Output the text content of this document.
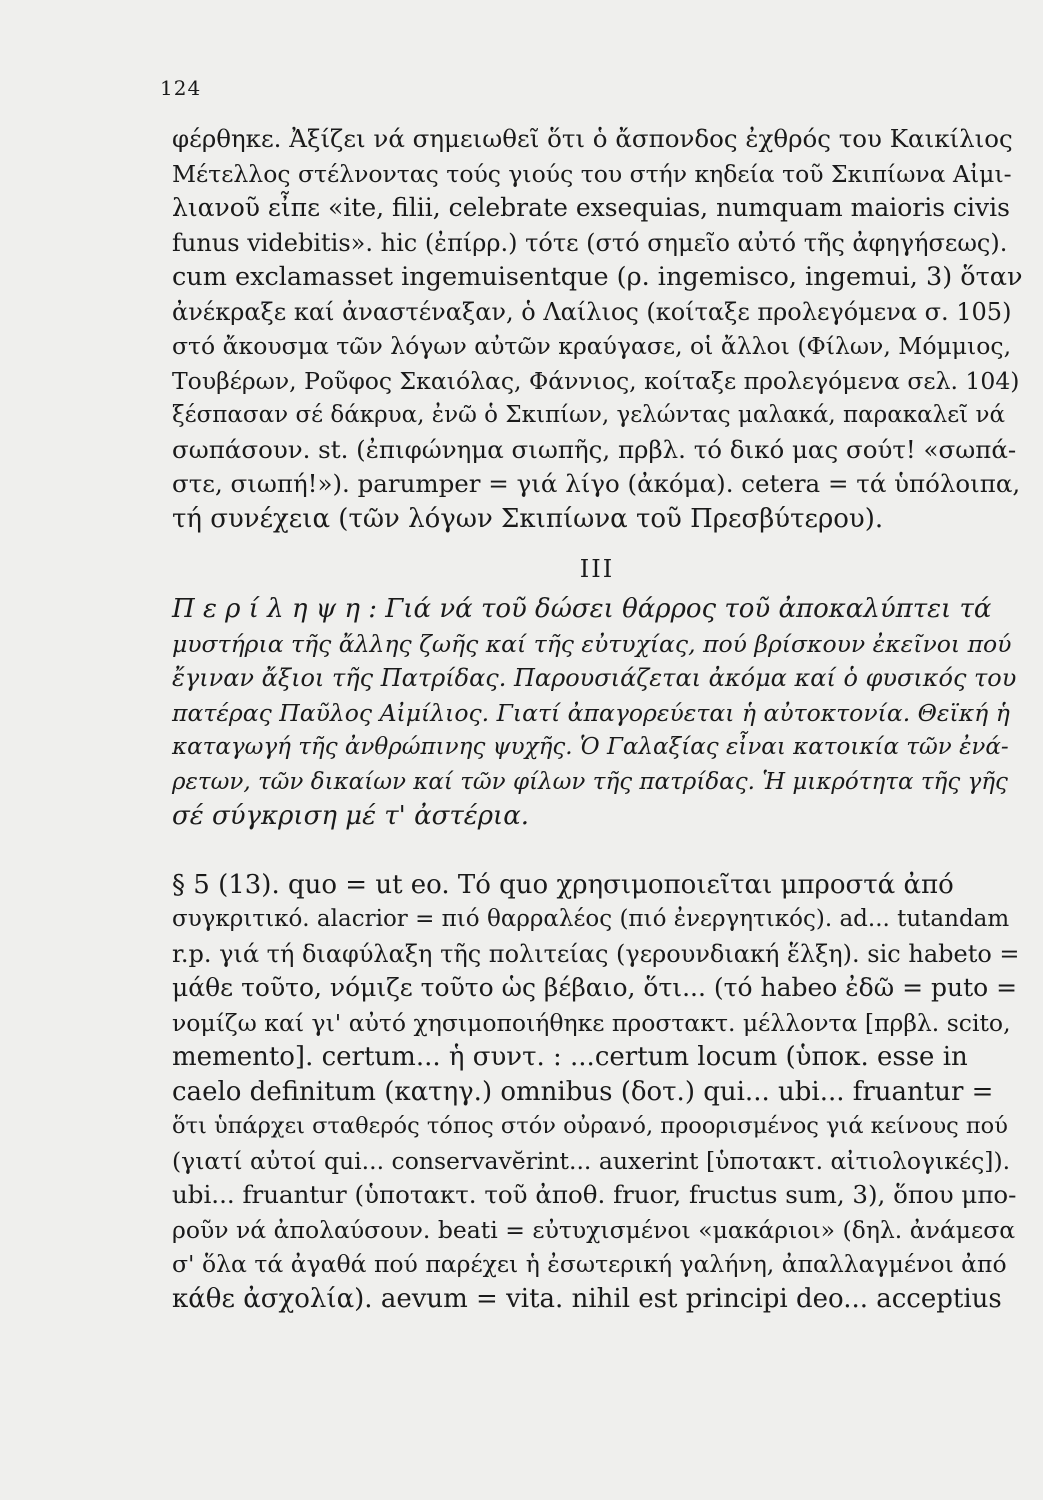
124
φέρθηκε. Ἀξίζει νά σημειωθεῖ ὅτι ὁ ἄσπονδος ἐχθρός του Καικίλιος
Μέτελλος στέλνοντας τούς γιούς του στήν κηδεία τοῦ Σκιπίωνα Αἰμι-
λιανοῦ εἶπε «ite, filii, celebrate exsequias, numquam maioris civis
funus videbitis». hic (ἐπίρρ.) τότε (στό σημεῖο αὐτό τῆς ἀφηγήσεως).
cum exclamasset ingemuisentque (ρ. ingemisco, ingemui, 3) ὅταν
ἀνέκραξε καί ἀναστέναξαν, ὁ Λαίλιος (κοίταξε προλεγόμενα σ. 105)
στό ἄκουσμα τῶν λόγων αὐτῶν κραύγασε, οἱ ἄλλοι (Φίλων, Μόμμιος,
Τουβέρων, Ροῦφος Σκαιόλας, Φάννιος, κοίταξε προλεγόμενα σελ. 104)
ξέσπασαν σέ δάκρυα, ἐνῶ ὁ Σκιπίων, γελώντας μαλακά, παρακαλεῖ νά
σωπάσουν. st. (ἐπιφώνημα σιωπῆς, πρβλ. τό δικό μας σούτ! «σωπά-
στε, σιωπή!»). parumper = γιά λίγο (ἀκόμα). cetera = τά ὑπόλοιπα,
τή συνέχεια (τῶν λόγων Σκιπίωνα τοῦ Πρεσβύτερου).
III
Π ε ρ ί λ η ψ η : Γιά νά τοῦ δώσει θάρρος τοῦ ἀποκαλύπτει τά
μυστήρια τῆς ἄλλης ζωῆς καί τῆς εὐτυχίας, πού βρίσκουν ἐκεῖνοι πού
ἔγιναν ἄξιοι τῆς Πατρίδας. Παρουσιάζεται ἀκόμα καί ὁ φυσικός του
πατέρας Παῦλος Αἰμίλιος. Γιατί ἀπαγορεύεται ἡ αὐτοκτονία. Θεϊκή ἡ
καταγωγή τῆς ἀνθρώπινης ψυχῆς. Ὁ Γαλαξίας εἶναι κατοικία τῶν ἐνά-
ρετων, τῶν δικαίων καί τῶν φίλων τῆς πατρίδας. Ἡ μικρότητα τῆς γῆς
σέ σύγκριση μέ τ' ἀστέρια.
§ 5 (13). quo = ut eo. Τό quo χρησιμοποιεῖται μπροστά ἀπό
συγκριτικό. alacrior = πιό θαρραλέος (πιό ἐνεργητικός). ad... tutandam
r.p. γιά τή διαφύλαξη τῆς πολιτείας (γερουνδιακή ἕλξη). sic habeto =
μάθε τοῦτο, νόμιζε τοῦτο ὡς βέβαιο, ὅτι... (τό habeo ἐδῶ = puto =
νομίζω καί γι' αὐτό χησιμοποιήθηκε προστακτ. μέλλοντα [πρβλ. scito,
memento]. certum... ἡ συντ. : ...certum locum (ὑποκ. esse in
caelo definitum (κατηγ.) omnibus (δοτ.) qui... ubi... fruantur =
ὅτι ὑπάρχει σταθερός τόπος στόν οὐρανό, προορισμένος γιά κείνους πού
(γιατί αὐτοί qui... conservavĕrint... auxerint [ὑποτακτ. αἰτιολογικές]).
ubi... fruantur (ὑποτακτ. τοῦ ἀποθ. fruor, fructus sum, 3), ὅπου μπο-
ροῦν νά ἀπολαύσουν. beati = εὐτυχισμένοι «μακάριοι» (δηλ. ἀνάμεσα
σ' ὅλα τά ἀγαθά πού παρέχει ἡ ἐσωτερική γαλήνη, ἀπαλλαγμένοι ἀπό
κάθε ἀσχολία). aevum = vita. nihil est principi deo... acceptius
